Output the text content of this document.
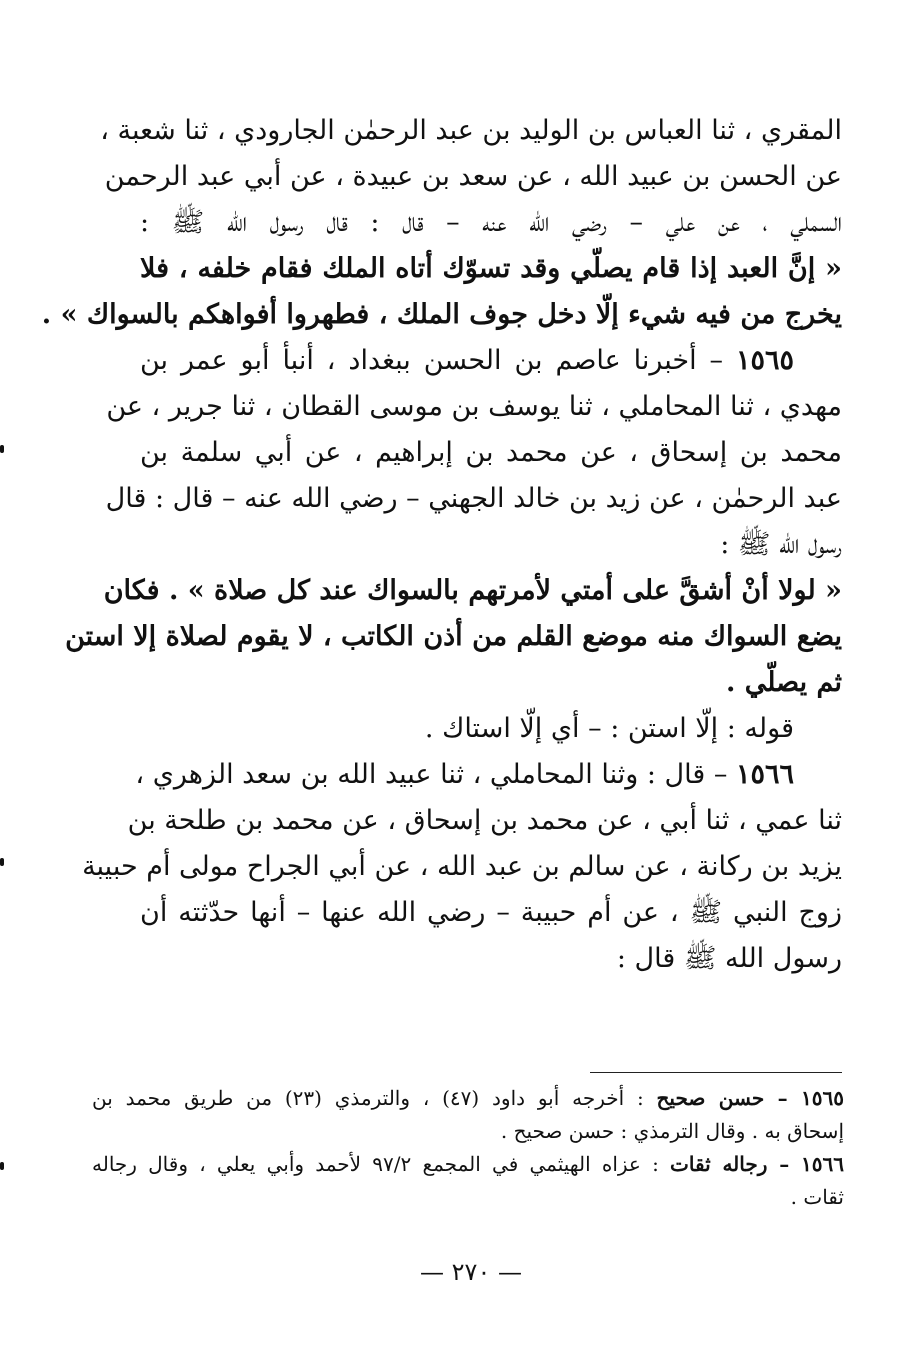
المقري ، ثنا العباس بن الوليد بن عبد الرحمٰن الجارودي ، ثنا شعبة ،
عن الحسن بن عبيد الله ، عن سعد بن عبيدة ، عن أبي عبد الرحمن
السملي ، عن علي – رضي الله عنه – قال : قال رسول الله ﷺ :
« إنَّ العبد إذا قام يصلّي وقد تسوّك أتاه الملك فقام خلفه ، فلا
يخرج من فيه شيء إلّا دخل جوف الملك ، فطهروا أفواهكم بالسواك » .
١٥٦٥ – أخبرنا عاصم بن الحسن ببغداد ، أنبأ أبو عمر بن
مهدي ، ثنا المحاملي ، ثنا يوسف بن موسى القطان ، ثنا جرير ، عن
محمد بن إسحاق ، عن محمد بن إبراهيم ، عن أبي سلمة بن
عبد الرحمٰن ، عن زيد بن خالد الجهني – رضي الله عنه – قال : قال
رسول الله ﷺ :
« لولا أنْ أشقَّ على أمتي لأمرتهم بالسواك عند كل صلاة » . فكان
يضع السواك منه موضع القلم من أذن الكاتب ، لا يقوم لصلاة إلا استن
ثم يصلّي .
قوله : إلّا استن : – أي إلّا استاك .
١٥٦٦ – قال : وثنا المحاملي ، ثنا عبيد الله بن سعد الزهري ،
ثنا عمي ، ثنا أبي ، عن محمد بن إسحاق ، عن محمد بن طلحة بن
يزيد بن ركانة ، عن سالم بن عبد الله ، عن أبي الجراح مولى أم حبيبة
زوج النبي ﷺ ، عن أم حبيبة – رضي الله عنها – أنها حدّثته أن
رسول الله ﷺ قال :
١٥٦٥ – حسن صحيح : أخرجه أبو داود (٤٧) ، والترمذي (٢٣) من طريق محمد بن
إسحاق به . وقال الترمذي : حسن صحيح .
١٥٦٦ – رجاله ثقات : عزاه الهيثمي في المجمع ٩٧/٢ لأحمد وأبي يعلي ، وقال رجاله
ثقات .
— ٢٧٠ —
